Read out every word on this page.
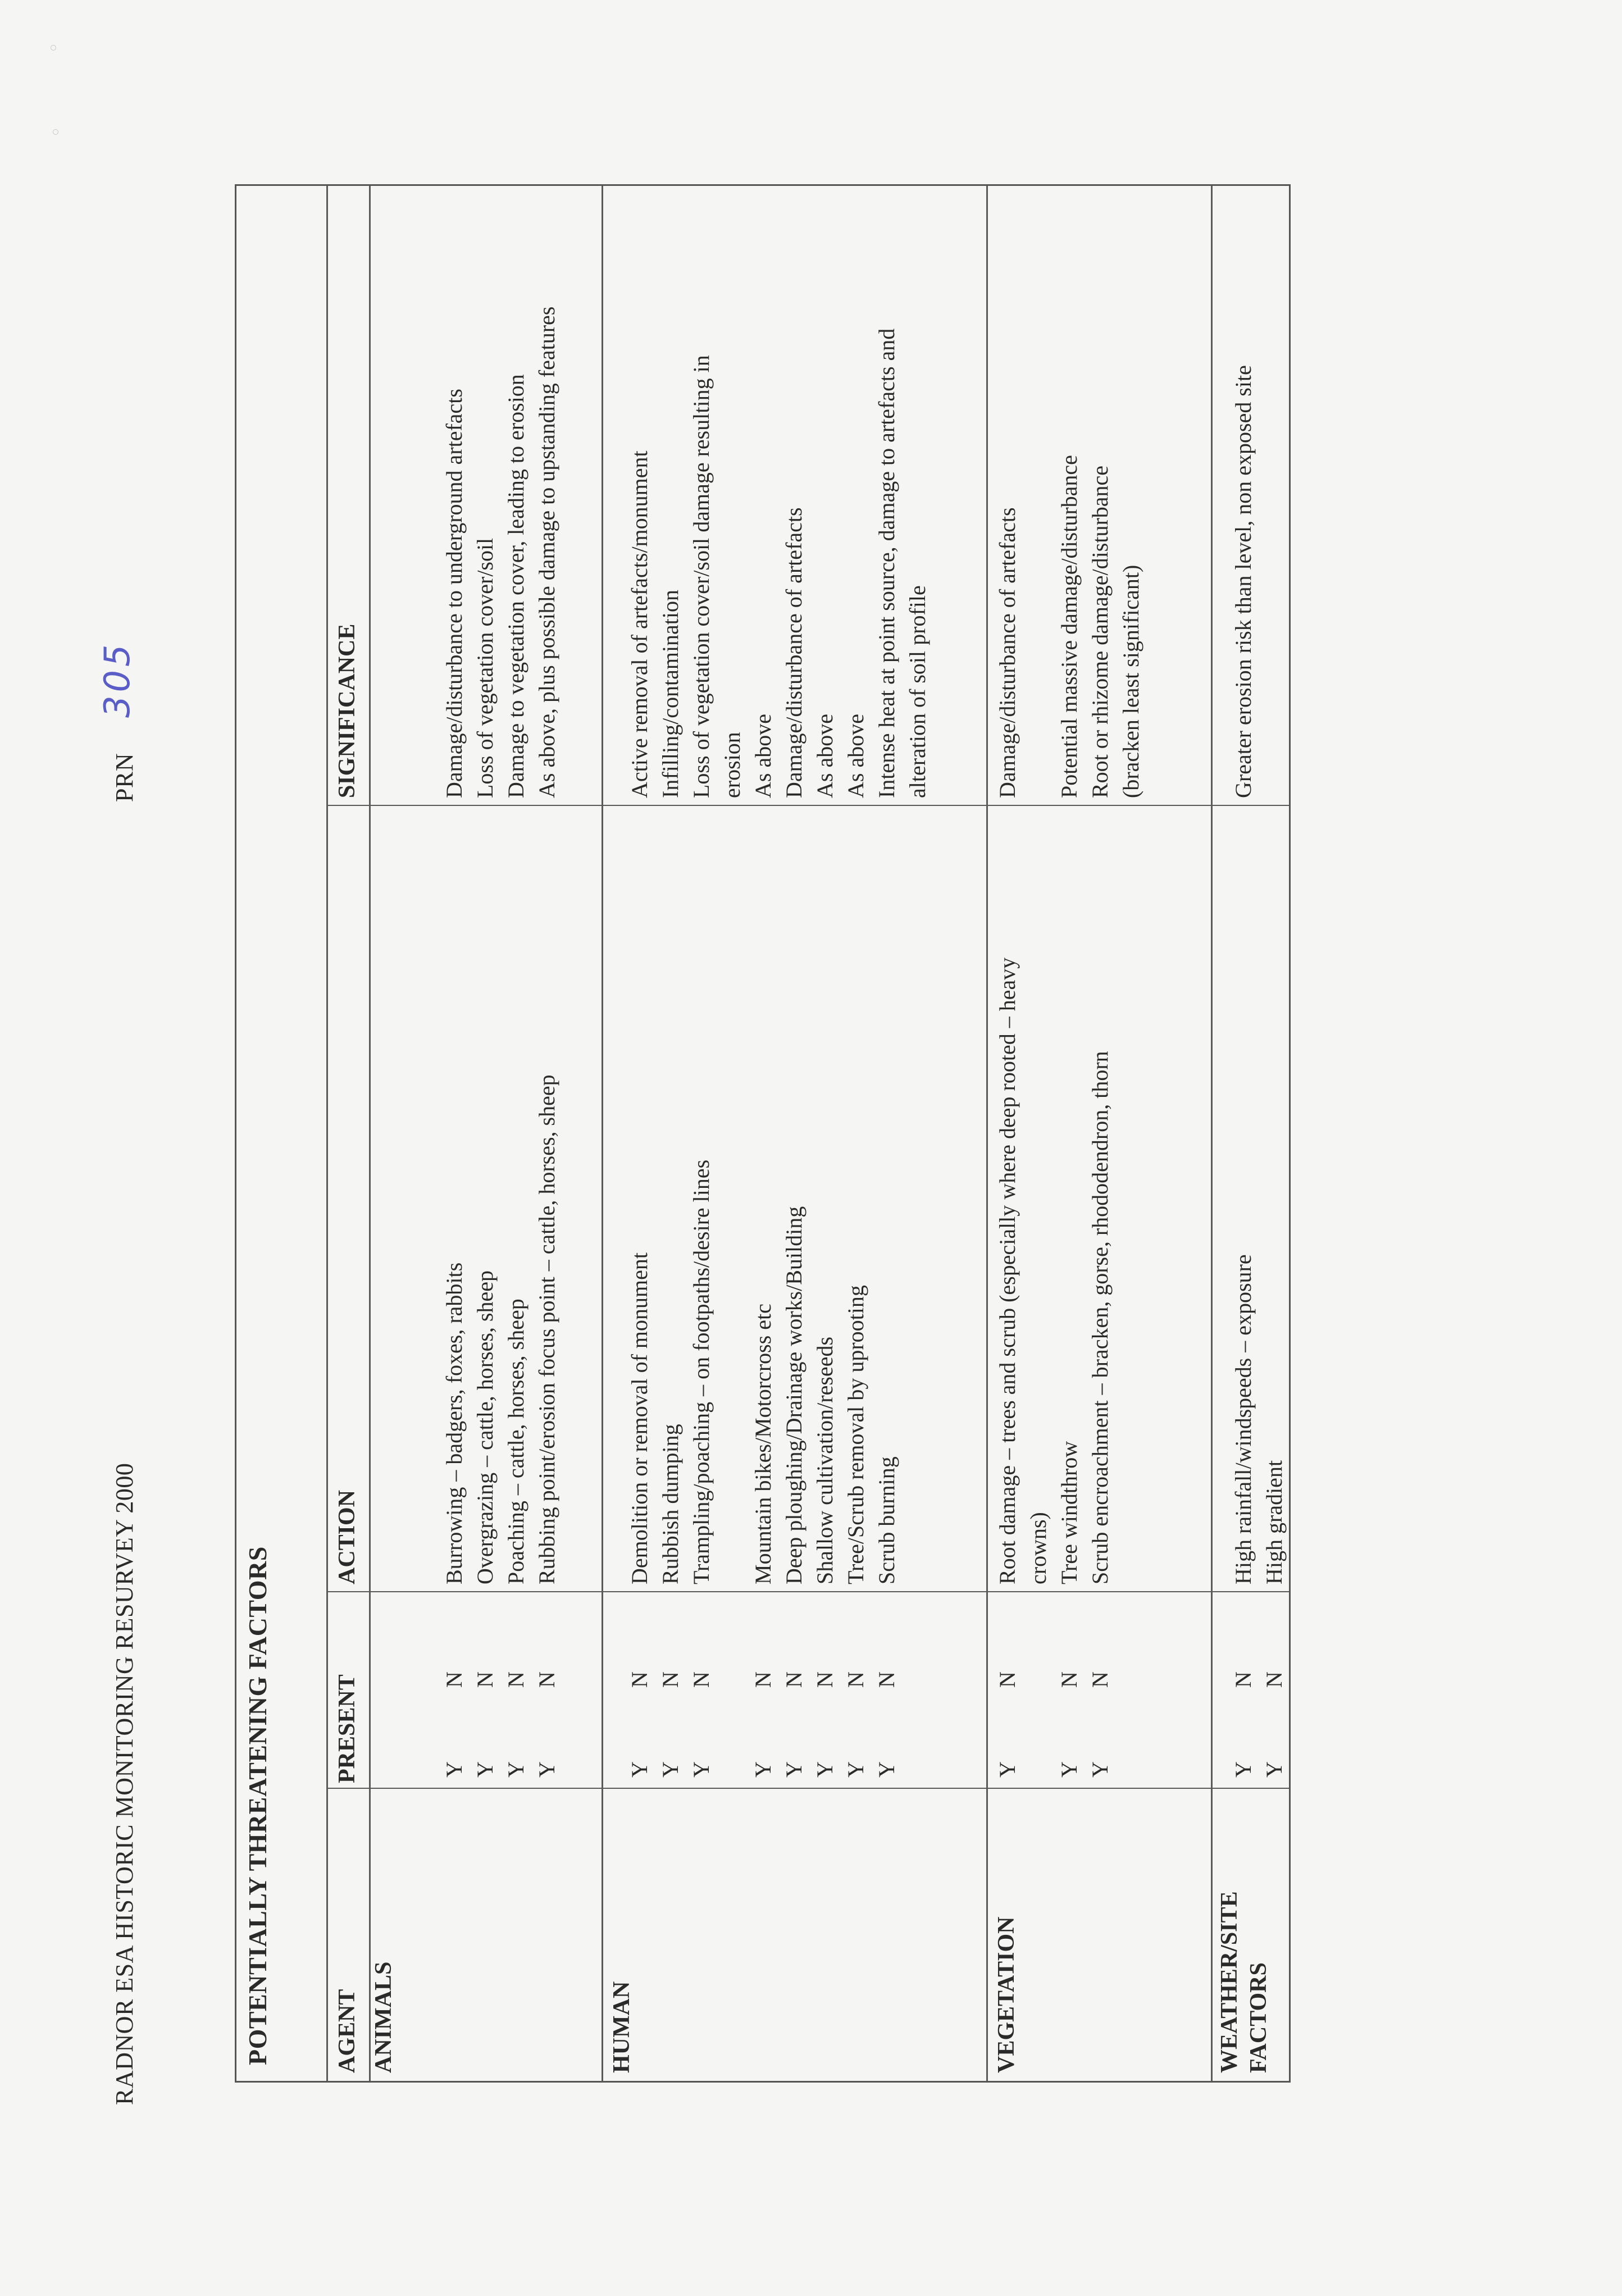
RADNOR ESA HISTORIC MONITORING RESURVEY 2000
PRN
305
POTENTIALLY THREATENING FACTORS	AGENT
PRESENT
ACTION
SIGNIFICANCE
ANIMALS
Y
N
Y
N
Y
N
Y
N
Burrowing – badgers, foxes, rabbits Overgrazing – cattle, horses, sheep Poaching – cattle, horses, sheep Rubbing point/erosion focus point – cattle, horses, sheep
Damage/disturbance to underground artefacts Loss of vegetation cover/soil Damage to vegetation cover, leading to erosion As above, plus possible damage to upstanding features
HUMAN
Y
N
Y
N
Y
N
Y
N
Y
N
Y
N
Y
N
Y
N
Demolition or removal of monument Rubbish dumping Trampling/poaching – on footpaths/desire lines Mountain bikes/Motorcross etc Deep ploughing/Drainage works/Building Shallow cultivation/reseeds Tree/Scrub removal by uprooting Scrub burning
Active removal of artefacts/monument Infilling/contamination Loss of vegetation cover/soil damage resulting in erosion As above Damage/disturbance of artefacts As above As above Intense heat at point source, damage to artefacts and alteration of soil profile
VEGETATION
Y
N
Y
N
Y
N
Root damage – trees and scrub (especially where deep rooted – heavy crowns) Tree windthrow Scrub encroachment – bracken, gorse, rhododendron, thorn
Damage/disturbance of artefacts Potential massive damage/disturbance Root or rhizome damage/disturbance (bracken least significant)
WEATHER/SITE FACTORS
Y
N
Y
N
High rainfall/windspeeds – exposure High gradient
Greater erosion risk than level, non exposed site
